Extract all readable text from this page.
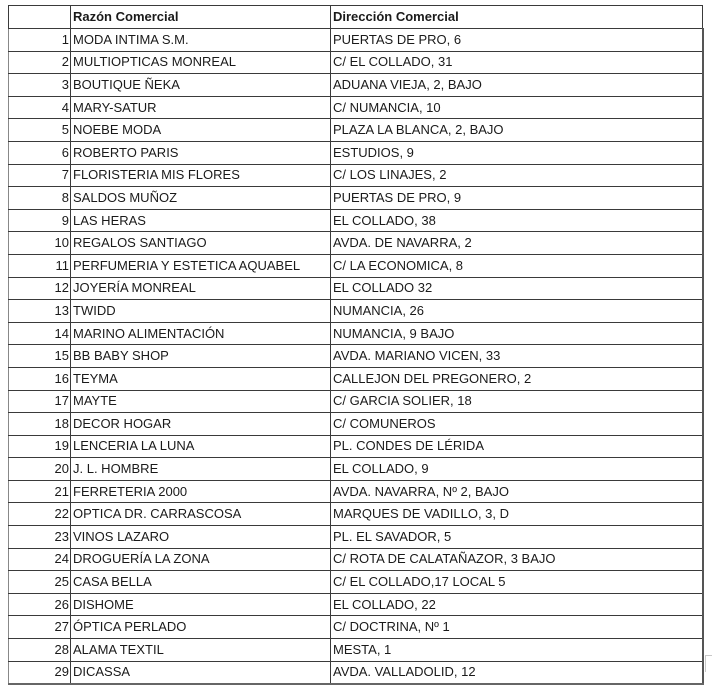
	Razón Comercial	Dirección Comercial
1	MODA INTIMA S.M.	PUERTAS DE PRO, 6
2	MULTIOPTICAS MONREAL	C/ EL COLLADO, 31
3	BOUTIQUE ÑEKA	ADUANA VIEJA, 2, BAJO
4	MARY-SATUR	C/ NUMANCIA, 10
5	NOEBE MODA	PLAZA LA BLANCA, 2, BAJO
6	ROBERTO PARIS	ESTUDIOS, 9
7	FLORISTERIA MIS FLORES	C/ LOS LINAJES, 2
8	SALDOS MUÑOZ	PUERTAS DE PRO, 9
9	LAS HERAS	EL COLLADO, 38
10	REGALOS SANTIAGO	AVDA. DE NAVARRA, 2
11	PERFUMERIA Y ESTETICA AQUABEL	C/ LA ECONOMICA, 8
12	JOYERÍA MONREAL	EL COLLADO 32
13	TWIDD	NUMANCIA, 26
14	MARINO ALIMENTACIÓN	NUMANCIA, 9 BAJO
15	BB BABY SHOP	AVDA. MARIANO VICEN, 33
16	TEYMA	CALLEJON DEL PREGONERO, 2
17	MAYTE	C/ GARCIA SOLIER, 18
18	DECOR HOGAR	C/ COMUNEROS
19	LENCERIA LA LUNA	PL. CONDES DE LÉRIDA
20	J. L. HOMBRE	EL COLLADO, 9
21	FERRETERIA 2000	AVDA. NAVARRA, Nº 2, BAJO
22	OPTICA DR. CARRASCOSA	MARQUES DE VADILLO, 3, D
23	VINOS LAZARO	PL. EL SAVADOR, 5
24	DROGUERÍA LA ZONA	C/ ROTA DE CALATAÑAZOR, 3 BAJO
25	CASA BELLA	C/ EL COLLADO,17 LOCAL 5
26	DISHOME	EL COLLADO, 22
27	ÓPTICA PERLADO	C/ DOCTRINA, Nº 1
28	ALAMA TEXTIL	MESTA, 1
29	DICASSA	AVDA. VALLADOLID, 12
